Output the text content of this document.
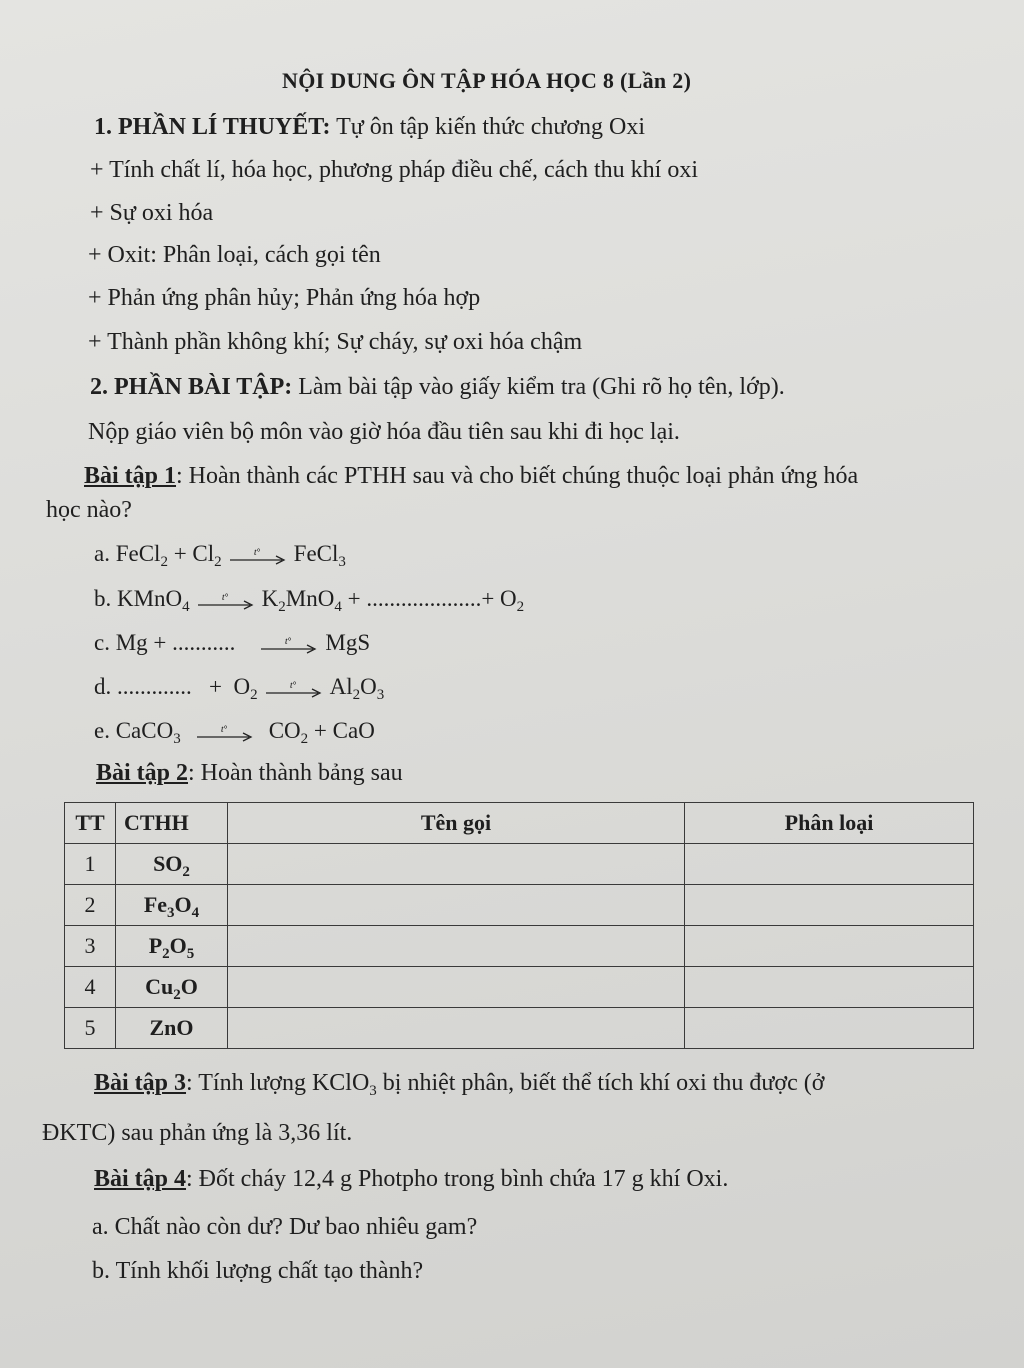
NỘI DUNG ÔN TẬP HÓA HỌC 8 (Lần 2)
1. PHẦN LÍ THUYẾT: Tự ôn tập kiến thức chương Oxi
+ Tính chất lí, hóa học, phương pháp điều chế, cách thu khí oxi
+ Sự oxi hóa
+ Oxit: Phân loại, cách gọi tên
+ Phản ứng phân hủy; Phản ứng hóa hợp
+ Thành phần không khí; Sự cháy, sự oxi hóa chậm
2. PHẦN BÀI TẬP: Làm bài tập vào giấy kiểm tra (Ghi rõ họ tên, lớp).
Nộp giáo viên bộ môn vào giờ hóa đầu tiên sau khi đi học lại.
Bài tập 1: Hoàn thành các PTHH sau và cho biết chúng thuộc loại phản ứng hóa
học nào?
a. FeCl$_2$ + $Cl_2$
t° FeCl$_3$
b. KMnO$_4$
t° $K_2MnO_4$ + ....................+ $O_2$
c. Mg + ...........	t° MgS
d. .............   +  $O_2$
t° $Al_2O_3$
e. CaCO$_3$
t° $CO_2$ + CaO
Bài tập 2: Hoàn thành bảng sau
TT	CTHH	Tên gọi	Phân loại
1	$SO_2$		
2	$Fe_3O_4$		
3	$P_2O_5$		
4	$Cu_2O$		
5	ZnO		
Bài tập 3: Tính lượng KClO$_3$ bị nhiệt phân, biết thể tích khí oxi thu được (ở
ĐKTC) sau phản ứng là 3,36 lít.
Bài tập 4: Đốt cháy 12,4 g Photpho trong bình chứa 17 g khí Oxi.
a. Chất nào còn dư? Dư bao nhiêu gam?
b. Tính khối lượng chất tạo thành?
